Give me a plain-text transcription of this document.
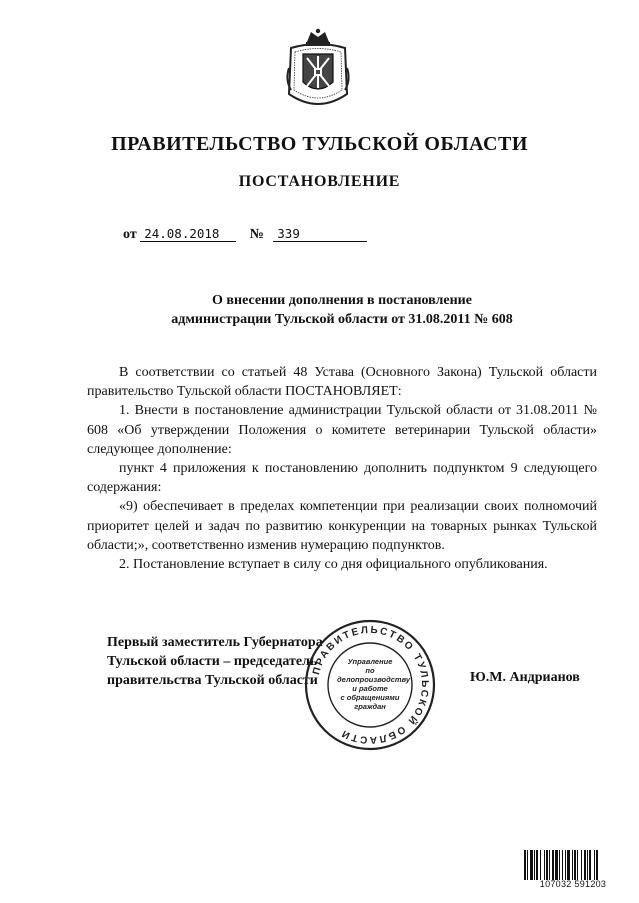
ПРАВИТЕЛЬСТВО ТУЛЬСКОЙ ОБЛАСТИ
ПОСТАНОВЛЕНИЕ
от 24.08.2018 № 339
О внесении дополнения в постановление
администрации Тульской области от 31.08.2011 № 608

В соответствии со статьей 48 Устава (Основного Закона) Тульской области правительство Тульской области ПОСТАНОВЛЯЕТ:

1. Внести в постановление администрации Тульской области от 31.08.2011 № 608 «Об утверждении Положения о комитете ветеринарии Тульской области» следующее дополнение:

пункт 4 приложения к постановлению дополнить подпунктом 9 следующего содержания:

«9) обеспечивает в пределах компетенции при реализации своих полномочий приоритет целей и задач по развитию конкуренции на товарных рынках Тульской области;», соответственно изменив нумерацию подпунктов.

2. Постановление вступает в силу со дня официального опубликования.

Первый заместитель Губернатора
Тульской области – председатель
правительства Тульской области
ПРАВИТЕЛЬСТВО ТУЛЬСКОЙ ОБЛАСТИ
Управление
по делопроизводству
и работе
с обращениями
граждан
Ю.М. Андрианов
107032 591203
